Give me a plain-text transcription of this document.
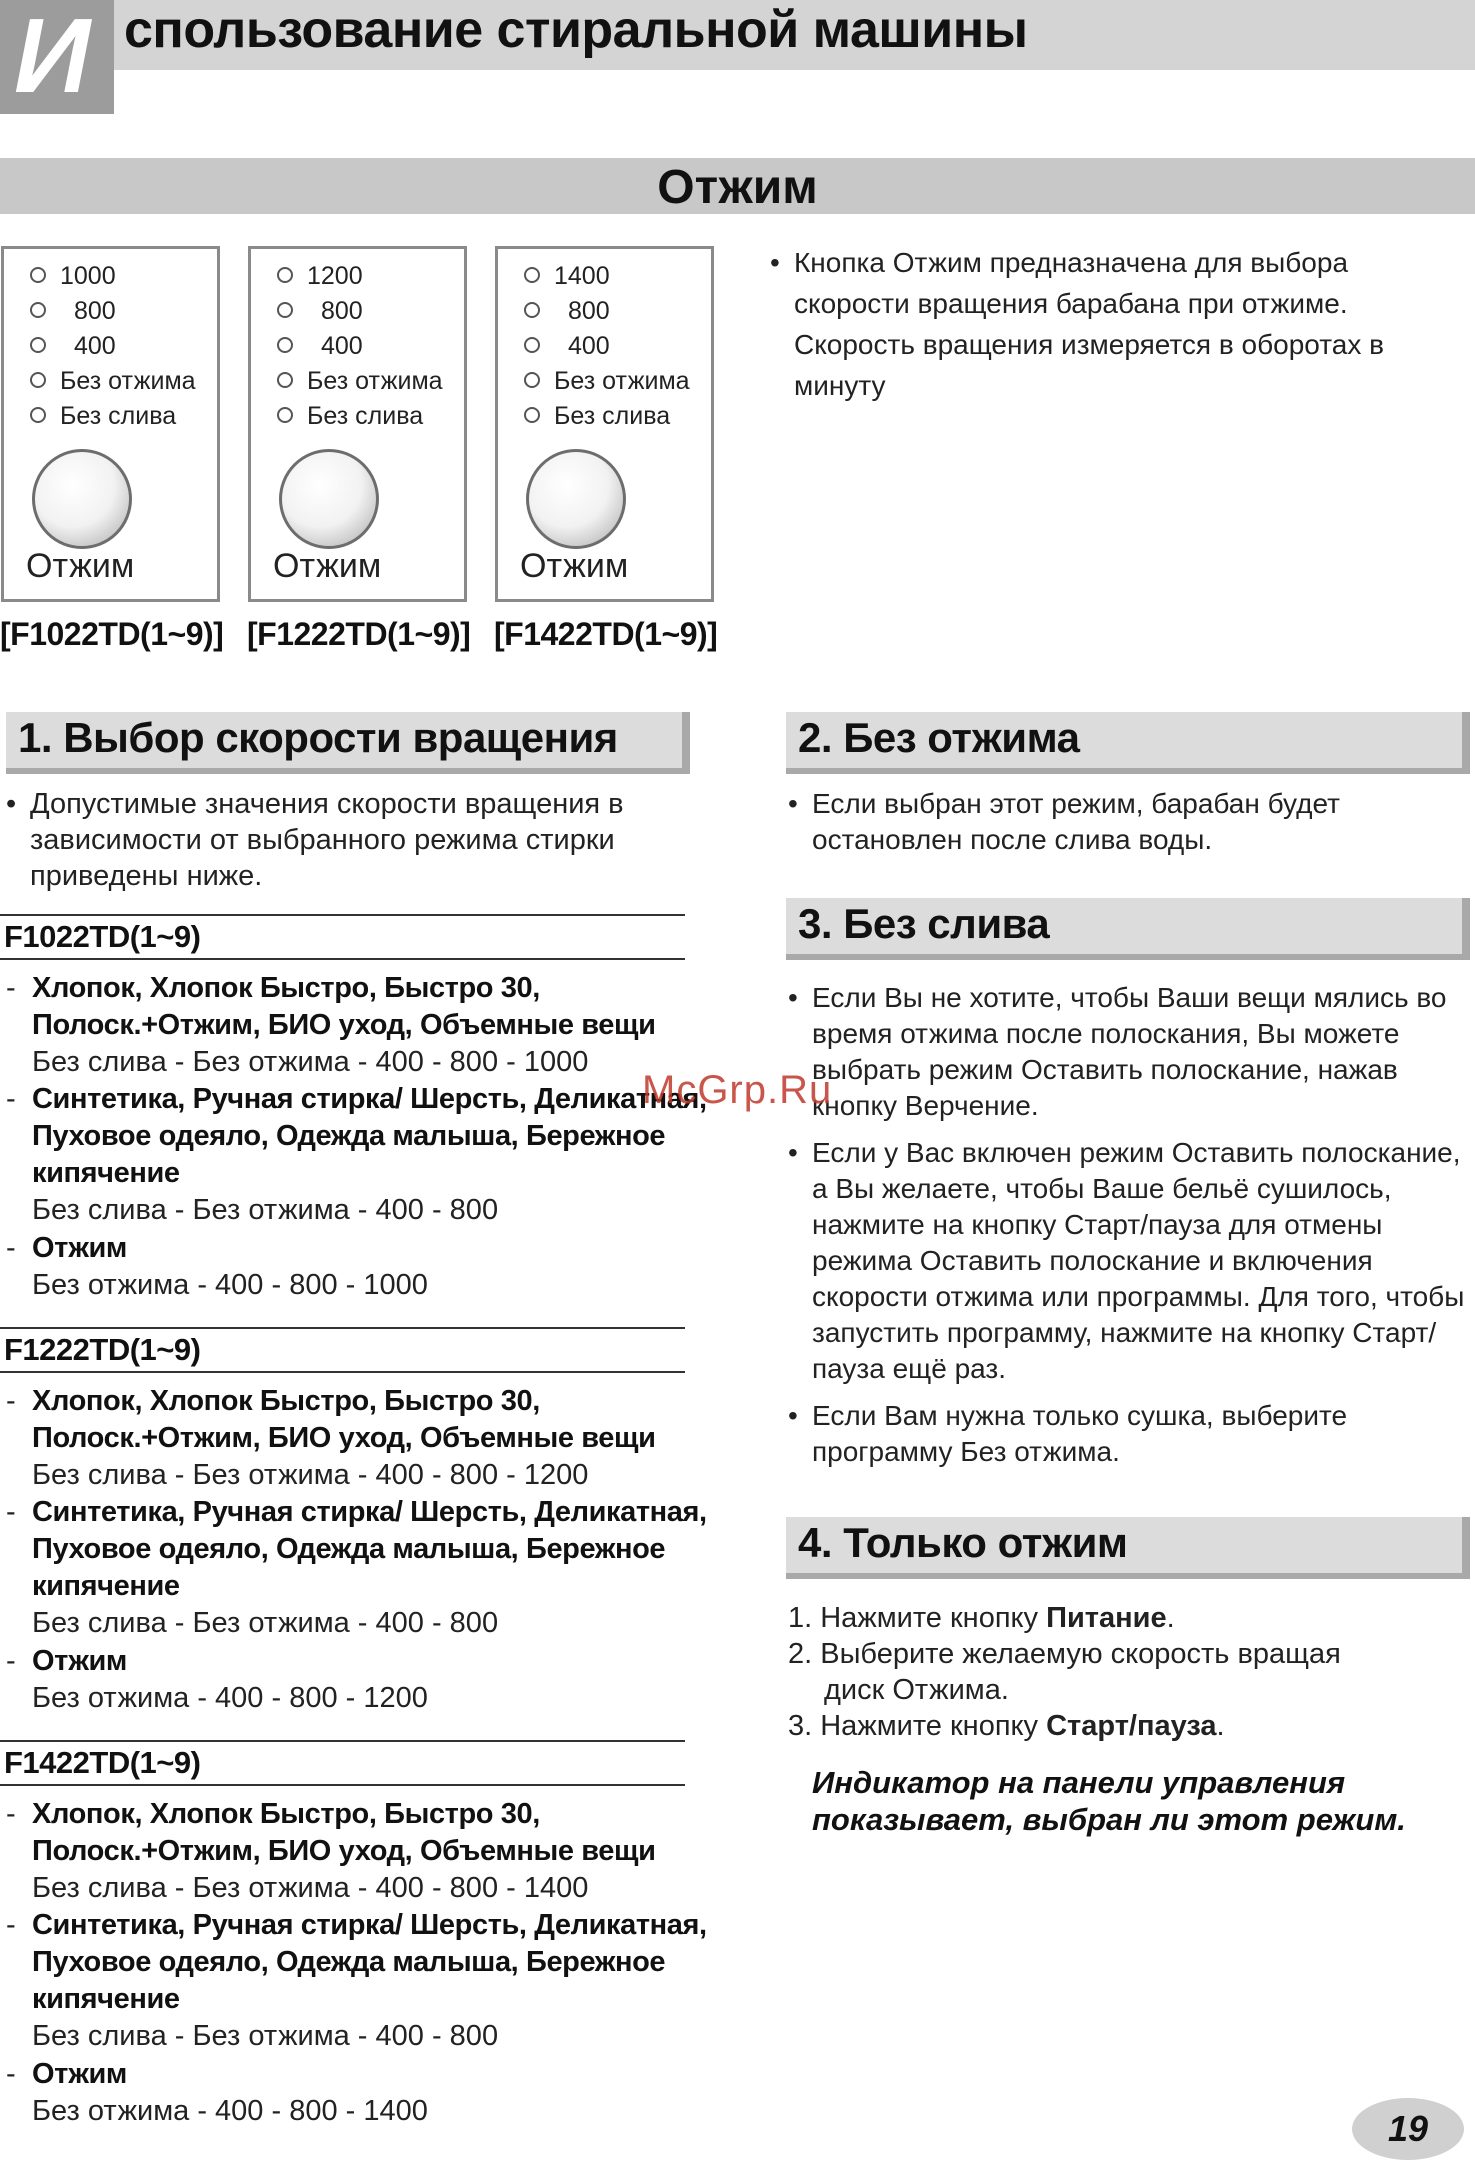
И спользование стиральной машины
Отжим
1000
800
400
Без отжима
Без слива
Отжим
[F1022TD(1~9)]
1200
800
400
Без отжима
Без слива
Отжим
[F1222TD(1~9)]
1400
800
400
Без отжима
Без слива
Отжим
[F1422TD(1~9)]
• Кнопка Отжим предназначена для выбора скорости вращения барабана при отжиме. Скорость вращения измеряется в оборотах в минуту
1. Выбор скорости вращения
• Допустимые значения скорости вращения в зависимости от выбранного режима стирки приведены ниже.
F1022TD(1~9)
- Хлопок, Хлопок Быстро, Быстро 30, Полоск.+Отжим, БИО уход, Объемные вещи
Без слива - Без отжима - 400 - 800 - 1000
- Синтетика, Ручная стирка/ Шерсть, Деликатная, Пуховое одеяло, Одежда малыша, Бережное кипячение
Без слива - Без отжима - 400 - 800
- Отжим
Без отжима - 400 - 800 - 1000
F1222TD(1~9)
- Хлопок, Хлопок Быстро, Быстро 30, Полоск.+Отжим, БИО уход, Объемные вещи
Без слива - Без отжима - 400 - 800 - 1200
- Синтетика, Ручная стирка/ Шерсть, Деликатная, Пуховое одеяло, Одежда малыша, Бережное кипячение
Без слива - Без отжима - 400 - 800
- Отжим
Без отжима - 400 - 800 - 1200
F1422TD(1~9)
- Хлопок, Хлопок Быстро, Быстро 30, Полоск.+Отжим, БИО уход, Объемные вещи
Без слива - Без отжима - 400 - 800 - 1400
- Синтетика, Ручная стирка/ Шерсть, Деликатная, Пуховое одеяло, Одежда малыша, Бережное кипячение
Без слива - Без отжима - 400 - 800
- Отжим
Без отжима - 400 - 800 - 1400
2. Без отжима
• Если выбран этот режим, барабан будет остановлен после слива воды.
3. Без слива
• Если Вы не хотите, чтобы Ваши вещи мялись во время отжима после полоскания, Вы можете выбрать режим Оставить полоскание, нажав кнопку Верчение.
• Если у Вас включен режим Оставить полоскание, а Вы желаете, чтобы Ваше бельё сушилось, нажмите на кнопку Старт/пауза для отмены режима Оставить полоскание и включения скорости отжима или программы. Для того, чтобы запустить программу, нажмите на кнопку Старт/пауза ещё раз.
• Если Вам нужна только сушка, выберите программу Без отжима.
4. Только отжим
1. Нажмите кнопку Питание.
2. Выберите желаемую скорость вращая
диск Отжима.
3. Нажмите кнопку Старт/пауза.
Индикатор на панели управления показывает, выбран ли этот режим.
McGrp.Ru
19
